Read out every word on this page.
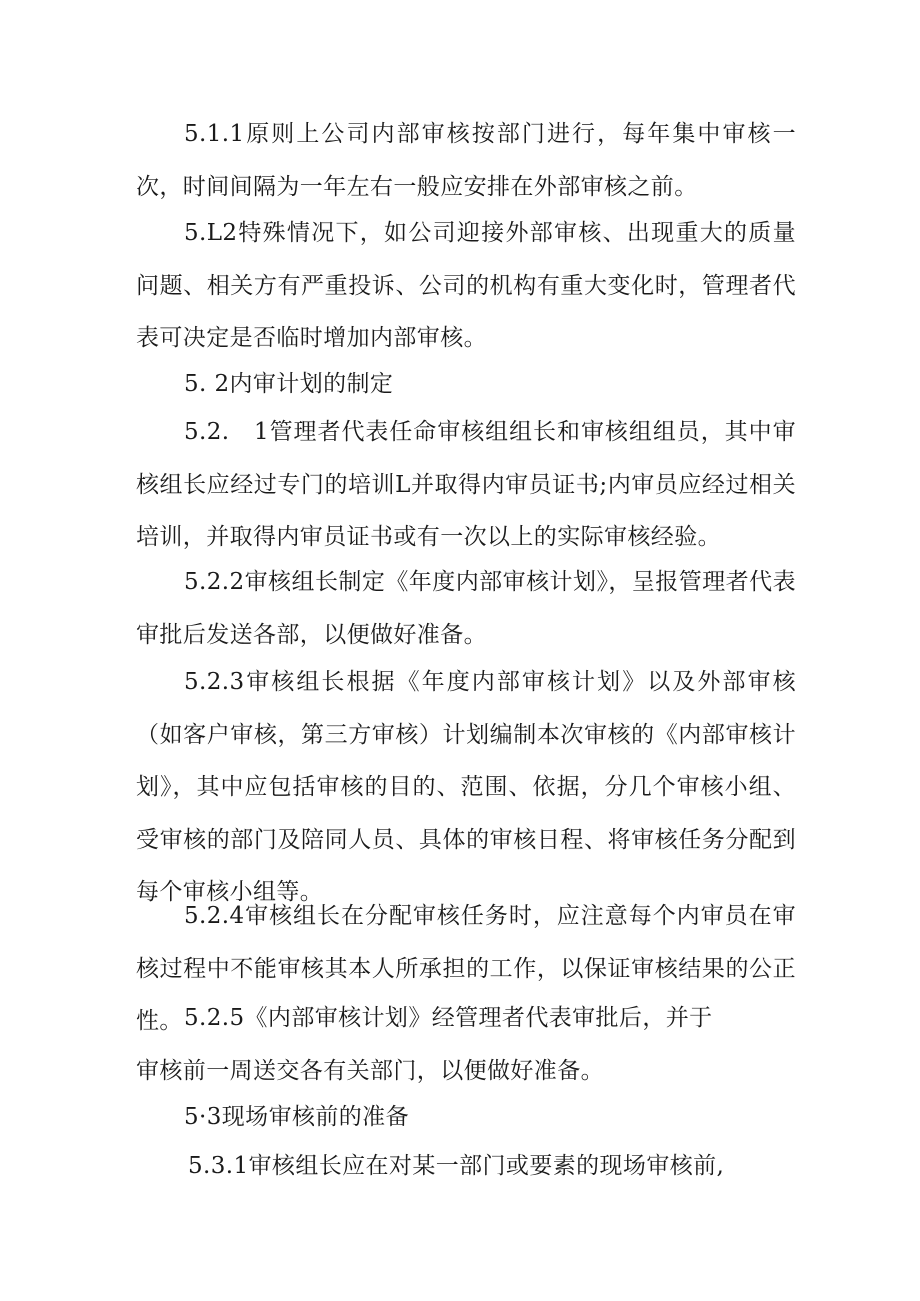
5.1.1原则上公司内部审核按部门进行，每年集中审核一次，时间间隔为一年左右一般应安排在外部审核之前。

5.L2特殊情况下，如公司迎接外部审核、出现重大的质量问题、相关方有严重投诉、公司的机构有重大变化时，管理者代表可决定是否临时增加内部审核。

5. 2内审计划的制定

5.2.　1管理者代表任命审核组组长和审核组组员，其中审核组长应经过专门的培训L并取得内审员证书;内审员应经过相关培训，并取得内审员证书或有一次以上的实际审核经验。

5.2.2审核组长制定《年度内部审核计划》，呈报管理者代表审批后发送各部，以便做好准备。

5.2.3审核组长根据《年度内部审核计划》以及外部审核（如客户审核，第三方审核）计划编制本次审核的《内部审核计划》，其中应包括审核的目的、范围、依据，分几个审核小组、受审核的部门及陪同人员、具体的审核日程、将审核任务分配到每个审核小组等。

5.2.4审核组长在分配审核任务时，应注意每个内审员在审核过程中不能审核其本人所承担的工作，以保证审核结果的公正性。 5.2.5《内部审核计划》经管理者代表审批后，并于

审核前一周送交各有关部门，以便做好准备。

5·3现场审核前的准备

5.3.1审核组长应在对某一部门或要素的现场审核前,
